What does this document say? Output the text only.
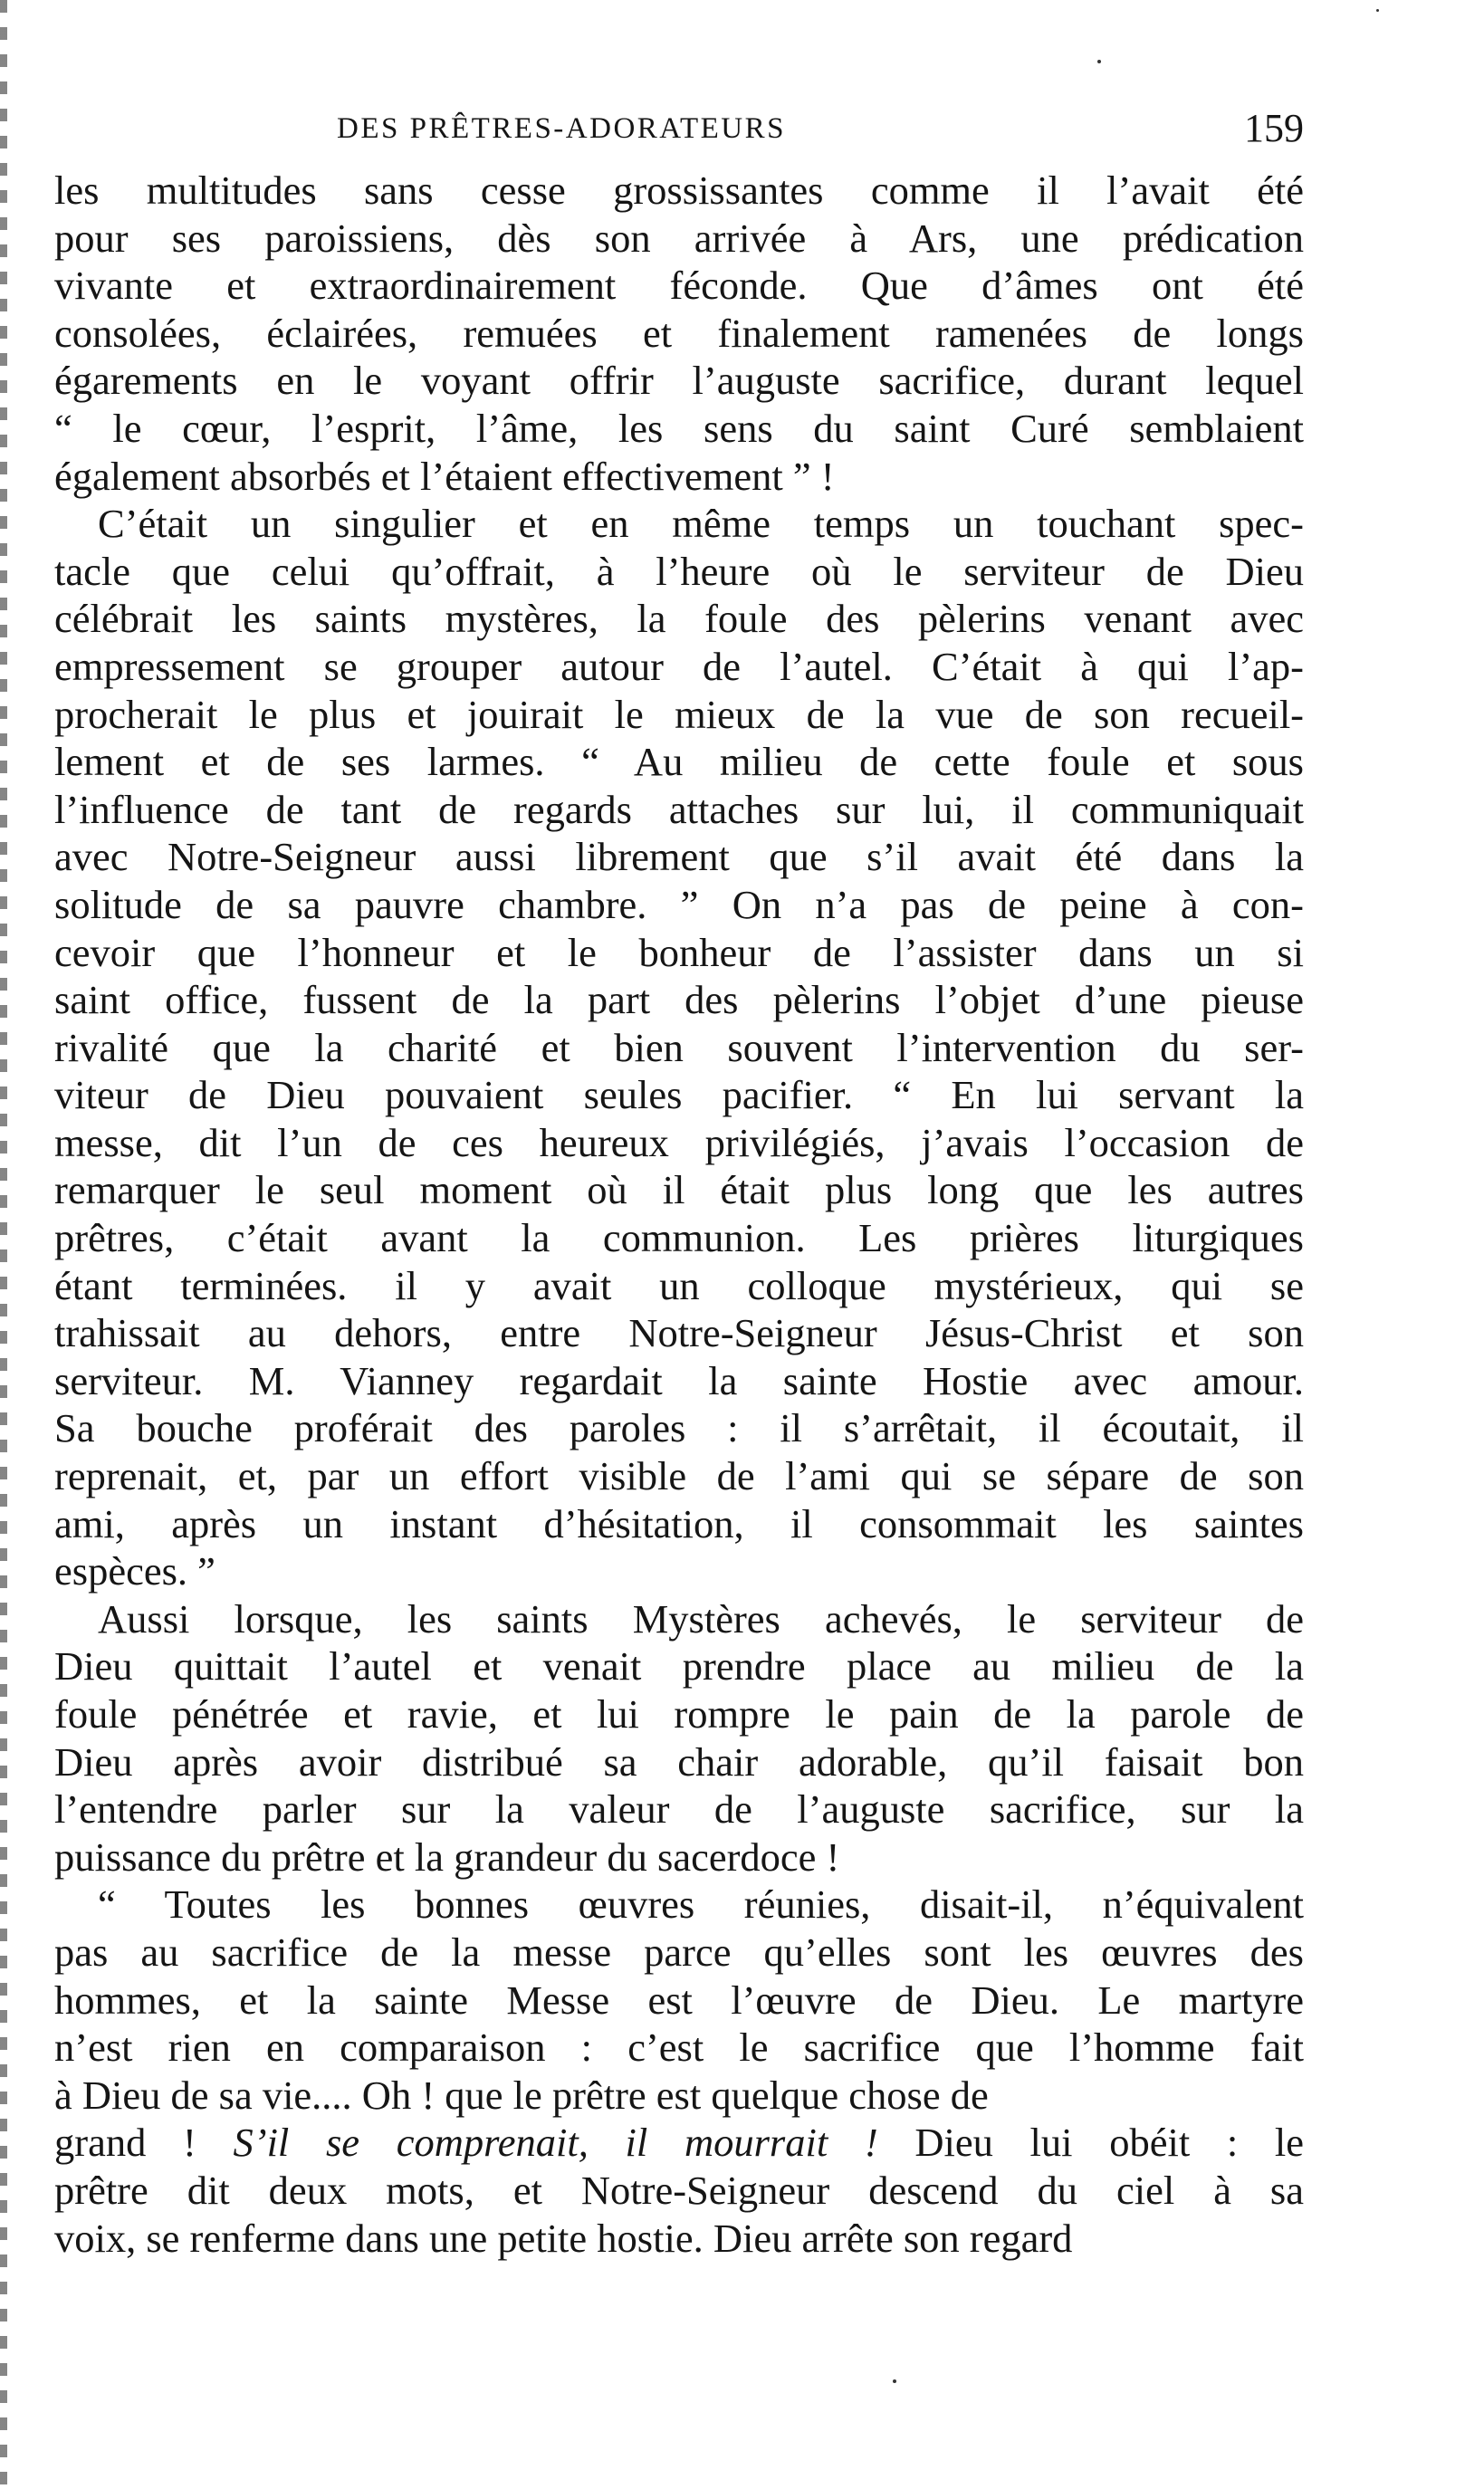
DES PRÊTRES-ADORATEURS	159

les multitudes sans cesse grossissantes comme il l’avait été
pour ses paroissiens, dès son arrivée à Ars, une prédication
vivante et extraordinairement féconde. Que d’âmes ont été
consolées, éclairées, remuées et finalement ramenées de longs
égarements en le voyant offrir l’auguste sacrifice, durant lequel
“ le cœur, l’esprit, l’âme, les sens du saint Curé semblaient
également absorbés et l’étaient effectivement ” !

C’était un singulier et en même temps un touchant spec-
tacle que celui qu’offrait, à l’heure où le serviteur de Dieu
célébrait les saints mystères, la foule des pèlerins venant avec
empressement se grouper autour de l’autel. C’était à qui l’ap-
procherait le plus et jouirait le mieux de la vue de son recueil-
lement et de ses larmes. “ Au milieu de cette foule et sous
l’influence de tant de regards attaches sur lui, il communiquait
avec Notre-Seigneur aussi librement que s’il avait été dans la
solitude de sa pauvre chambre. ” On n’a pas de peine à con-
cevoir que l’honneur et le bonheur de l’assister dans un si
saint office, fussent de la part des pèlerins l’objet d’une pieuse
rivalité que la charité et bien souvent l’intervention du ser-
viteur de Dieu pouvaient seules pacifier. “ En lui servant la
messe, dit l’un de ces heureux privilégiés, j’avais l’occasion de
remarquer le seul moment où il était plus long que les autres
prêtres, c’était avant la communion. Les prières liturgiques
étant terminées. il y avait un colloque mystérieux, qui se
trahissait au dehors, entre Notre-Seigneur Jésus-Christ et son
serviteur. M. Vianney regardait la sainte Hostie avec amour.
Sa bouche proférait des paroles : il s’arrêtait, il écoutait, il
reprenait, et, par un effort visible de l’ami qui se sépare de son
ami, après un instant d’hésitation, il consommait les saintes
espèces. ”

Aussi lorsque, les saints Mystères achevés, le serviteur de
Dieu quittait l’autel et venait prendre place au milieu de la
foule pénétrée et ravie, et lui rompre le pain de la parole de
Dieu après avoir distribué sa chair adorable, qu’il faisait bon
l’entendre parler sur la valeur de l’auguste sacrifice, sur la
puissance du prêtre et la grandeur du sacerdoce !

“ Toutes les bonnes œuvres réunies, disait-il, n’équivalent
pas au sacrifice de la messe parce qu’elles sont les œuvres des
hommes, et la sainte Messe est l’œuvre de Dieu. Le martyre
n’est rien en comparaison : c’est le sacrifice que l’homme fait
à Dieu de sa vie.... Oh ! que le prêtre est quelque chose de

grand ! S’il se comprenait, il mourrait ! Dieu lui obéit : le
prêtre dit deux mots, et Notre-Seigneur descend du ciel à sa
voix, se renferme dans une petite hostie. Dieu arrête son regard
